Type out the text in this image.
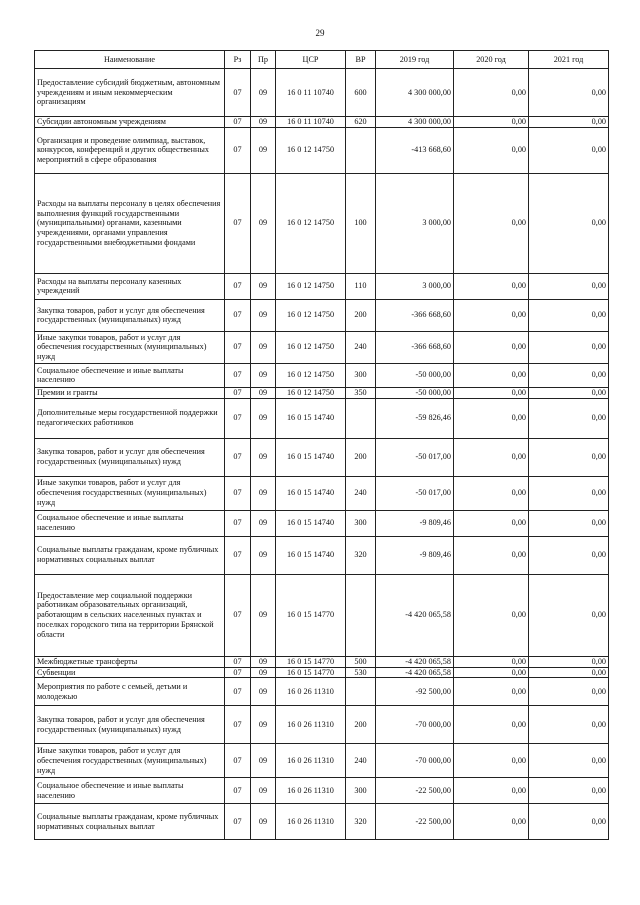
29
Наименование	Рз	Пр	ЦСР	ВР	2019 год	2020 год	2021 год
Предоставление субсидий бюджетным, автономным учреждениям и иным некоммерческим организациям	07	09	16 0 11 10740	600	4 300 000,00	0,00	0,00
Субсидии автономным учреждениям	07	09	16 0 11 10740	620	4 300 000,00	0,00	0,00
Организация и проведение олимпиад, выставок, конкурсов, конференций и других общественных мероприятий в сфере образования	07	09	16 0 12 14750		-413 668,60	0,00	0,00
Расходы на выплаты персоналу в целях обеспечения выполнения функций государственными (муниципальными) органами, казенными учреждениями, органами управления государственными внебюджетными фондами	07	09	16 0 12 14750	100	3 000,00	0,00	0,00
Расходы на выплаты персоналу казенных учреждений	07	09	16 0 12 14750	110	3 000,00	0,00	0,00
Закупка товаров, работ и услуг для обеспечения государственных (муниципальных) нужд	07	09	16 0 12 14750	200	-366 668,60	0,00	0,00
Иные закупки товаров, работ и услуг для обеспечения государственных (муниципальных) нужд	07	09	16 0 12 14750	240	-366 668,60	0,00	0,00
Социальное обеспечение и иные выплаты населению	07	09	16 0 12 14750	300	-50 000,00	0,00	0,00
Премии и гранты	07	09	16 0 12 14750	350	-50 000,00	0,00	0,00
Дополнительные меры государственной поддержки педагогических работников	07	09	16 0 15 14740		-59 826,46	0,00	0,00
Закупка товаров, работ и услуг для обеспечения государственных (муниципальных) нужд	07	09	16 0 15 14740	200	-50 017,00	0,00	0,00
Иные закупки товаров, работ и услуг для обеспечения государственных (муниципальных) нужд	07	09	16 0 15 14740	240	-50 017,00	0,00	0,00
Социальное обеспечение и иные выплаты населению	07	09	16 0 15 14740	300	-9 809,46	0,00	0,00
Социальные выплаты гражданам, кроме публичных нормативных социальных выплат	07	09	16 0 15 14740	320	-9 809,46	0,00	0,00
Предоставление мер социальной поддержки работникам образовательных организаций, работающим в сельских населенных пунктах и поселках городского типа на территории Брянской области	07	09	16 0 15 14770		-4 420 065,58	0,00	0,00
Межбюджетные трансферты	07	09	16 0 15 14770	500	-4 420 065,58	0,00	0,00
Субвенции	07	09	16 0 15 14770	530	-4 420 065,58	0,00	0,00
Мероприятия по работе с семьей, детьми и молодежью	07	09	16 0 26 11310		-92 500,00	0,00	0,00
Закупка товаров, работ и услуг для обеспечения государственных (муниципальных) нужд	07	09	16 0 26 11310	200	-70 000,00	0,00	0,00
Иные закупки товаров, работ и услуг для обеспечения государственных (муниципальных) нужд	07	09	16 0 26 11310	240	-70 000,00	0,00	0,00
Социальное обеспечение и иные выплаты населению	07	09	16 0 26 11310	300	-22 500,00	0,00	0,00
Социальные выплаты гражданам, кроме публичных нормативных социальных выплат	07	09	16 0 26 11310	320	-22 500,00	0,00	0,00
